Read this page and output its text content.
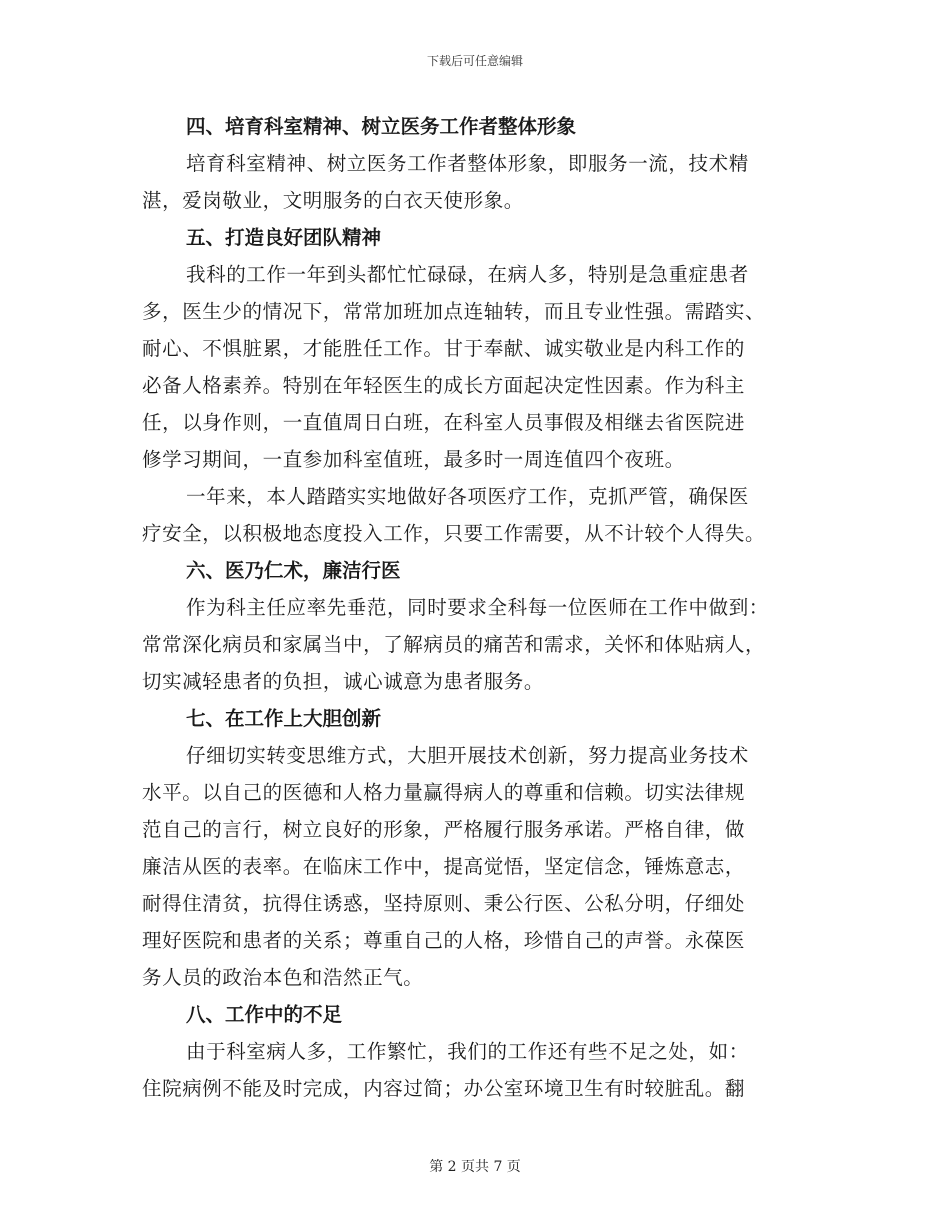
下载后可任意编辑
四、培育科室精神、树立医务工作者整体形象

培育科室精神、树立医务工作者整体形象，即服务一流，技术精
湛，爱岗敬业，文明服务的白衣天使形象。

五、打造良好团队精神

我科的工作一年到头都忙忙碌碌，在病人多，特别是急重症患者
多，医生少的情况下，常常加班加点连轴转，而且专业性强。需踏实、
耐心、不惧脏累，才能胜任工作。甘于奉献、诚实敬业是内科工作的
必备人格素养。特别在年轻医生的成长方面起决定性因素。作为科主
任，以身作则，一直值周日白班，在科室人员事假及相继去省医院进
修学习期间，一直参加科室值班，最多时一周连值四个夜班。

一年来，本人踏踏实实地做好各项医疗工作，克抓严管，确保医
疗安全，以积极地态度投入工作，只要工作需要，从不计较个人得失。

六、医乃仁术，廉洁行医

作为科主任应率先垂范，同时要求全科每一位医师在工作中做到：
常常深化病员和家属当中，了解病员的痛苦和需求，关怀和体贴病人，
切实减轻患者的负担，诚心诚意为患者服务。

七、在工作上大胆创新

仔细切实转变思维方式，大胆开展技术创新，努力提高业务技术
水平。以自己的医德和人格力量赢得病人的尊重和信赖。切实法律规
范自己的言行，树立良好的形象，严格履行服务承诺。严格自律，做
廉洁从医的表率。在临床工作中，提高觉悟，坚定信念，锤炼意志，
耐得住清贫，抗得住诱惑，坚持原则、秉公行医、公私分明，仔细处
理好医院和患者的关系；尊重自己的人格，珍惜自己的声誉。永葆医
务人员的政治本色和浩然正气。

八、工作中的不足

由于科室病人多，工作繁忙，我们的工作还有些不足之处，如：
住院病例不能及时完成，内容过简；办公室环境卫生有时较脏乱。翻

第 2 页共 7 页
